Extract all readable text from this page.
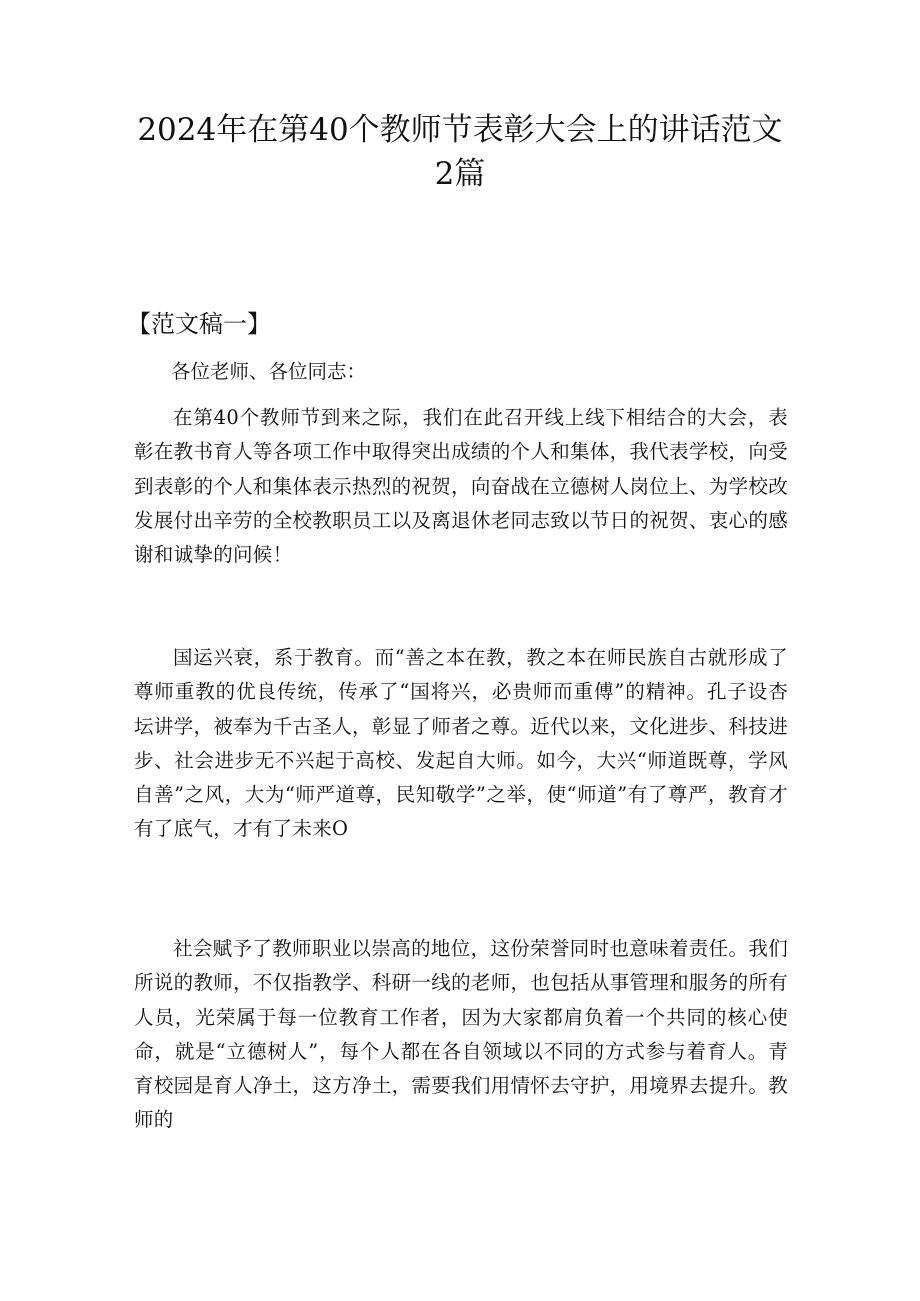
2024年在第40个教师节表彰大会上的讲话范文
2篇
【范文稿一】

各位老师、各位同志：

在第40个教师节到来之际，我们在此召开线上线下相结合的大会，表彰在教书育人等各项工作中取得突出成绩的个人和集体，我代表学校，向受到表彰的个人和集体表示热烈的祝贺，向奋战在立德树人岗位上、为学校改发展付出辛劳的全校教职员工以及离退休老同志致以节日的祝贺、衷心的感谢和诚挚的问候！

国运兴衰，系于教育。而“善之本在教，教之本在师民族自古就形成了尊师重教的优良传统，传承了“国将兴，必贵师而重傅”的精神。孔子设杏坛讲学，被奉为千古圣人，彰显了师者之尊。近代以来，文化进步、科技进步、社会进步无不兴起于高校、发起自大师。如今，大兴“师道既尊，学风自善”之风，大为“师严道尊，民知敬学”之举，使“师道”有了尊严，教育才有了底气，才有了未来O

社会赋予了教师职业以崇高的地位，这份荣誉同时也意味着责任。我们所说的教师，不仅指教学、科研一线的老师，也包括从事管理和服务的所有人员，光荣属于每一位教育工作者，因为大家都肩负着一个共同的核心使命，就是“立德树人”，每个人都在各自领域以不同的方式参与着育人。青育校园是育人净土，这方净土，需要我们用情怀去守护，用境界去提升。教师的
